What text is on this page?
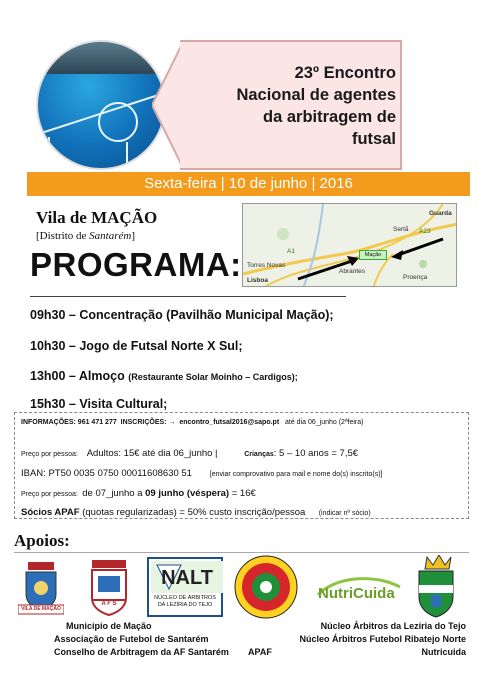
23º Encontro
Nacional de agentes
da arbitragem de
futsal
Sexta-feira | 10 de junho | 2016
Vila de MAÇÃO
[Distrito de Santarém]
PROGRAMA:
Guarda
Mação
Torres Novas
Abrantes
Lisboa
Sertã
Proença
A23
A1
09h30 – Concentração (Pavilhão Municipal Mação);
10h30 – Jogo de Futsal Norte X Sul;
13h00 – Almoço (Restaurante Solar Moinho – Cardigos);
15h30 – Visita Cultural;
INFORMAÇÕES: 961 471 277 INSCRIÇÕES: → encontro_futsal2016@sapo.pt até dia 06_junho (2ªfeira)
Preço por pessoa: Adultos: 15€ até dia 06_junho |	Crianças: 5 – 10 anos = 7,5€
IBAN: PT50 0035 0750 00011608630 51	[enviar comprovativo para mail e nome do(s) inscrito(s)]
Preço por pessoa: de 07_junho a 09 junho (véspera) = 16€
Sócios APAF (quotas regularizadas) = 50% custo inscrição/pessoa (indicar nº sócio)
Apoios:
VILA DE MAÇÃO
A F S
NALT
NÚCLEO DE ÁRBITROS
DA LEZÍRIA DO TEJO
NutriCuida
Município de Mação
Associação de Futebol de Santarém
Conselho de Arbitragem da AF Santarém APAF
Núcleo Árbitros da Lezíria do Tejo
Núcleo Árbitros Futebol Ribatejo Norte
Nutricuida
